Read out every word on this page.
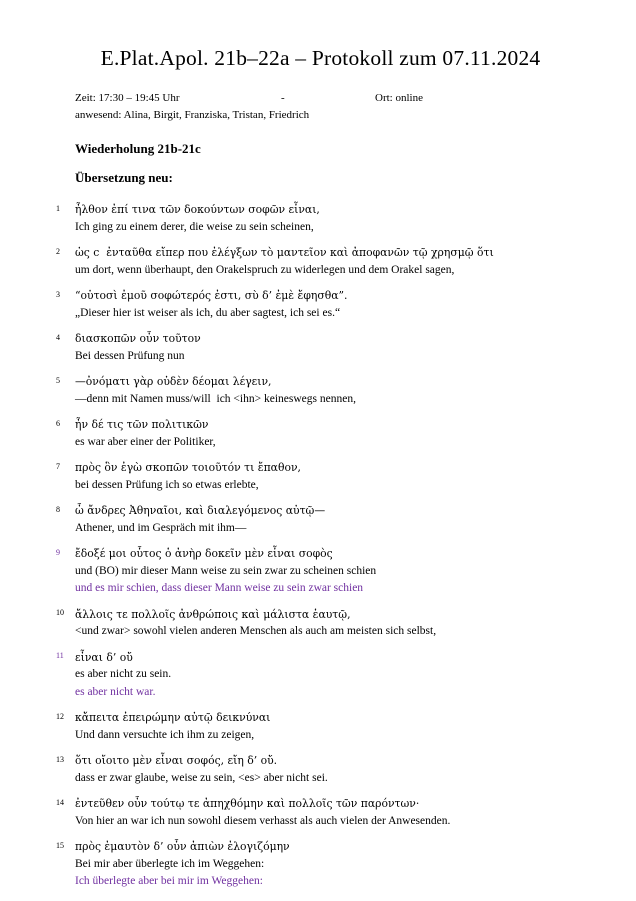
E.Plat.Apol. 21b–22a – Protokoll zum 07.11.2024
Zeit: 17:30 – 19:45 Uhr	-	Ort: online
anwesend: Alina, Birgit, Franziska, Tristan, Friedrich
Wiederholung 21b-21c
Übersetzung neu:
1 ἦλθον ἐπί τινα τῶν δοκούντων σοφῶν εἶναι,
Ich ging zu einem derer, die weise zu sein scheinen,
2 ὡς c  ἐνταῦθα εἴπερ που ἐλέγξων τὸ μαντεῖον καὶ ἀποφανῶν τῷ χρησμῷ ὅτι
um dort, wenn überhaupt, den Orakelspruch zu widerlegen und dem Orakel sagen,
3 “οὑτοσὶ ἐμοῦ σοφώτερός ἐστι, σὺ δ’ ἐμὲ ἔφησθα”.
„Dieser hier ist weiser als ich, du aber sagtest, ich sei es.“
4 διασκοπῶν οὖν τοῦτον
Bei dessen Prüfung nun
5 —ὀνόματι γὰρ οὐδὲν δέομαι λέγειν,
—denn mit Namen muss/will  ich <ihn> keineswegs nennen,
6 ἦν δέ τις τῶν πολιτικῶν
es war aber einer der Politiker,
7 πρὸς ὃν ἐγὼ σκοπῶν τοιοῦτόν τι ἔπαθον,
bei dessen Prüfung ich so etwas erlebte,
8 ὦ ἄνδρες Ἀθηναῖοι, καὶ διαλεγόμενος αὐτῷ—
Athener, und im Gespräch mit ihm—
9 ἔδοξέ μοι οὗτος ὁ ἀνὴρ δοκεῖν μὲν εἶναι σοφὸς
und (BO) mir dieser Mann weise zu sein zwar zu scheinen schien
und es mir schien, dass dieser Mann weise zu sein zwar schien
10 ἄλλοις τε πολλοῖς ἀνθρώποις καὶ μάλιστα ἑαυτῷ,
<und zwar> sowohl vielen anderen Menschen als auch am meisten sich selbst,
11 εἶναι δ’ οὔ
es aber nicht zu sein.
es aber nicht war.
12 κἄπειτα ἐπειρώμην αὐτῷ δεικνύναι
Und dann versuchte ich ihm zu zeigen,
13 ὅτι οἴοιτο μὲν εἶναι σοφός, εἴη δ’ οὔ.
dass er zwar glaube, weise zu sein, <es> aber nicht sei.
14 ἐντεῦθεν οὖν τούτῳ τε ἀπηχθόμην καὶ πολλοῖς τῶν παρόντων·
Von hier an war ich nun sowohl diesem verhasst als auch vielen der Anwesenden.
15 πρὸς ἐμαυτὸν δ’ οὖν ἀπιὼν ἐλογιζόμην
Bei mir aber überlegte ich im Weggehen:
Ich überlegte aber bei mir im Weggehen:
